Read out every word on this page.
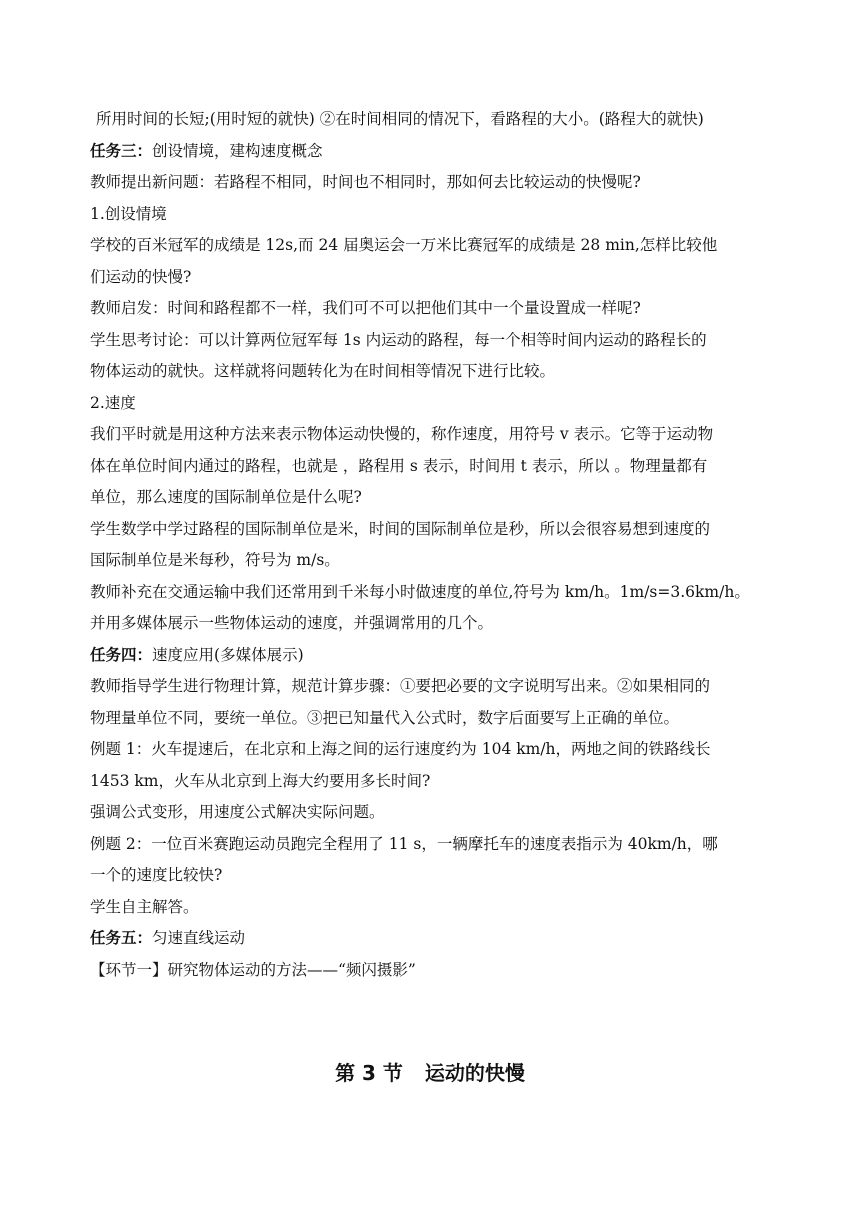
所用时间的长短;(用时短的就快) ②在时间相同的情况下，看路程的大小。(路程大的就快)
任务三：创设情境，建构速度概念
教师提出新问题：若路程不相同，时间也不相同时，那如何去比较运动的快慢呢?
1.创设情境
学校的百米冠军的成绩是 12s,而 24 届奥运会一万米比赛冠军的成绩是 28 min,怎样比较他
们运动的快慢?
教师启发：时间和路程都不一样，我们可不可以把他们其中一个量设置成一样呢?
学生思考讨论：可以计算两位冠军每 1s 内运动的路程，每一个相等时间内运动的路程长的
物体运动的就快。这样就将问题转化为在时间相等情况下进行比较。
2.速度
我们平时就是用这种方法来表示物体运动快慢的，称作速度，用符号 v 表示。它等于运动物
体在单位时间内通过的路程，也就是 ，路程用 s 表示，时间用 t 表示，所以 。物理量都有
单位，那么速度的国际制单位是什么呢?
学生数学中学过路程的国际制单位是米，时间的国际制单位是秒，所以会很容易想到速度的
国际制单位是米每秒，符号为 m/s。
教师补充在交通运输中我们还常用到千米每小时做速度的单位,符号为 km/h。1m/s=3.6km/h。
并用多媒体展示一些物体运动的速度，并强调常用的几个。
任务四：速度应用(多媒体展示)
教师指导学生进行物理计算，规范计算步骤：①要把必要的文字说明写出来。②如果相同的
物理量单位不同，要统一单位。③把已知量代入公式时，数字后面要写上正确的单位。
例题 1：火车提速后，在北京和上海之间的运行速度约为 104 km/h，两地之间的铁路线长
1453 km，火车从北京到上海大约要用多长时间?
强调公式变形，用速度公式解决实际问题。
例题 2：一位百米赛跑运动员跑完全程用了 11 s，一辆摩托车的速度表指示为 40km/h，哪
一个的速度比较快?
学生自主解答。
任务五：匀速直线运动
【环节一】研究物体运动的方法——“频闪摄影”
第 3 节 运动的快慢
